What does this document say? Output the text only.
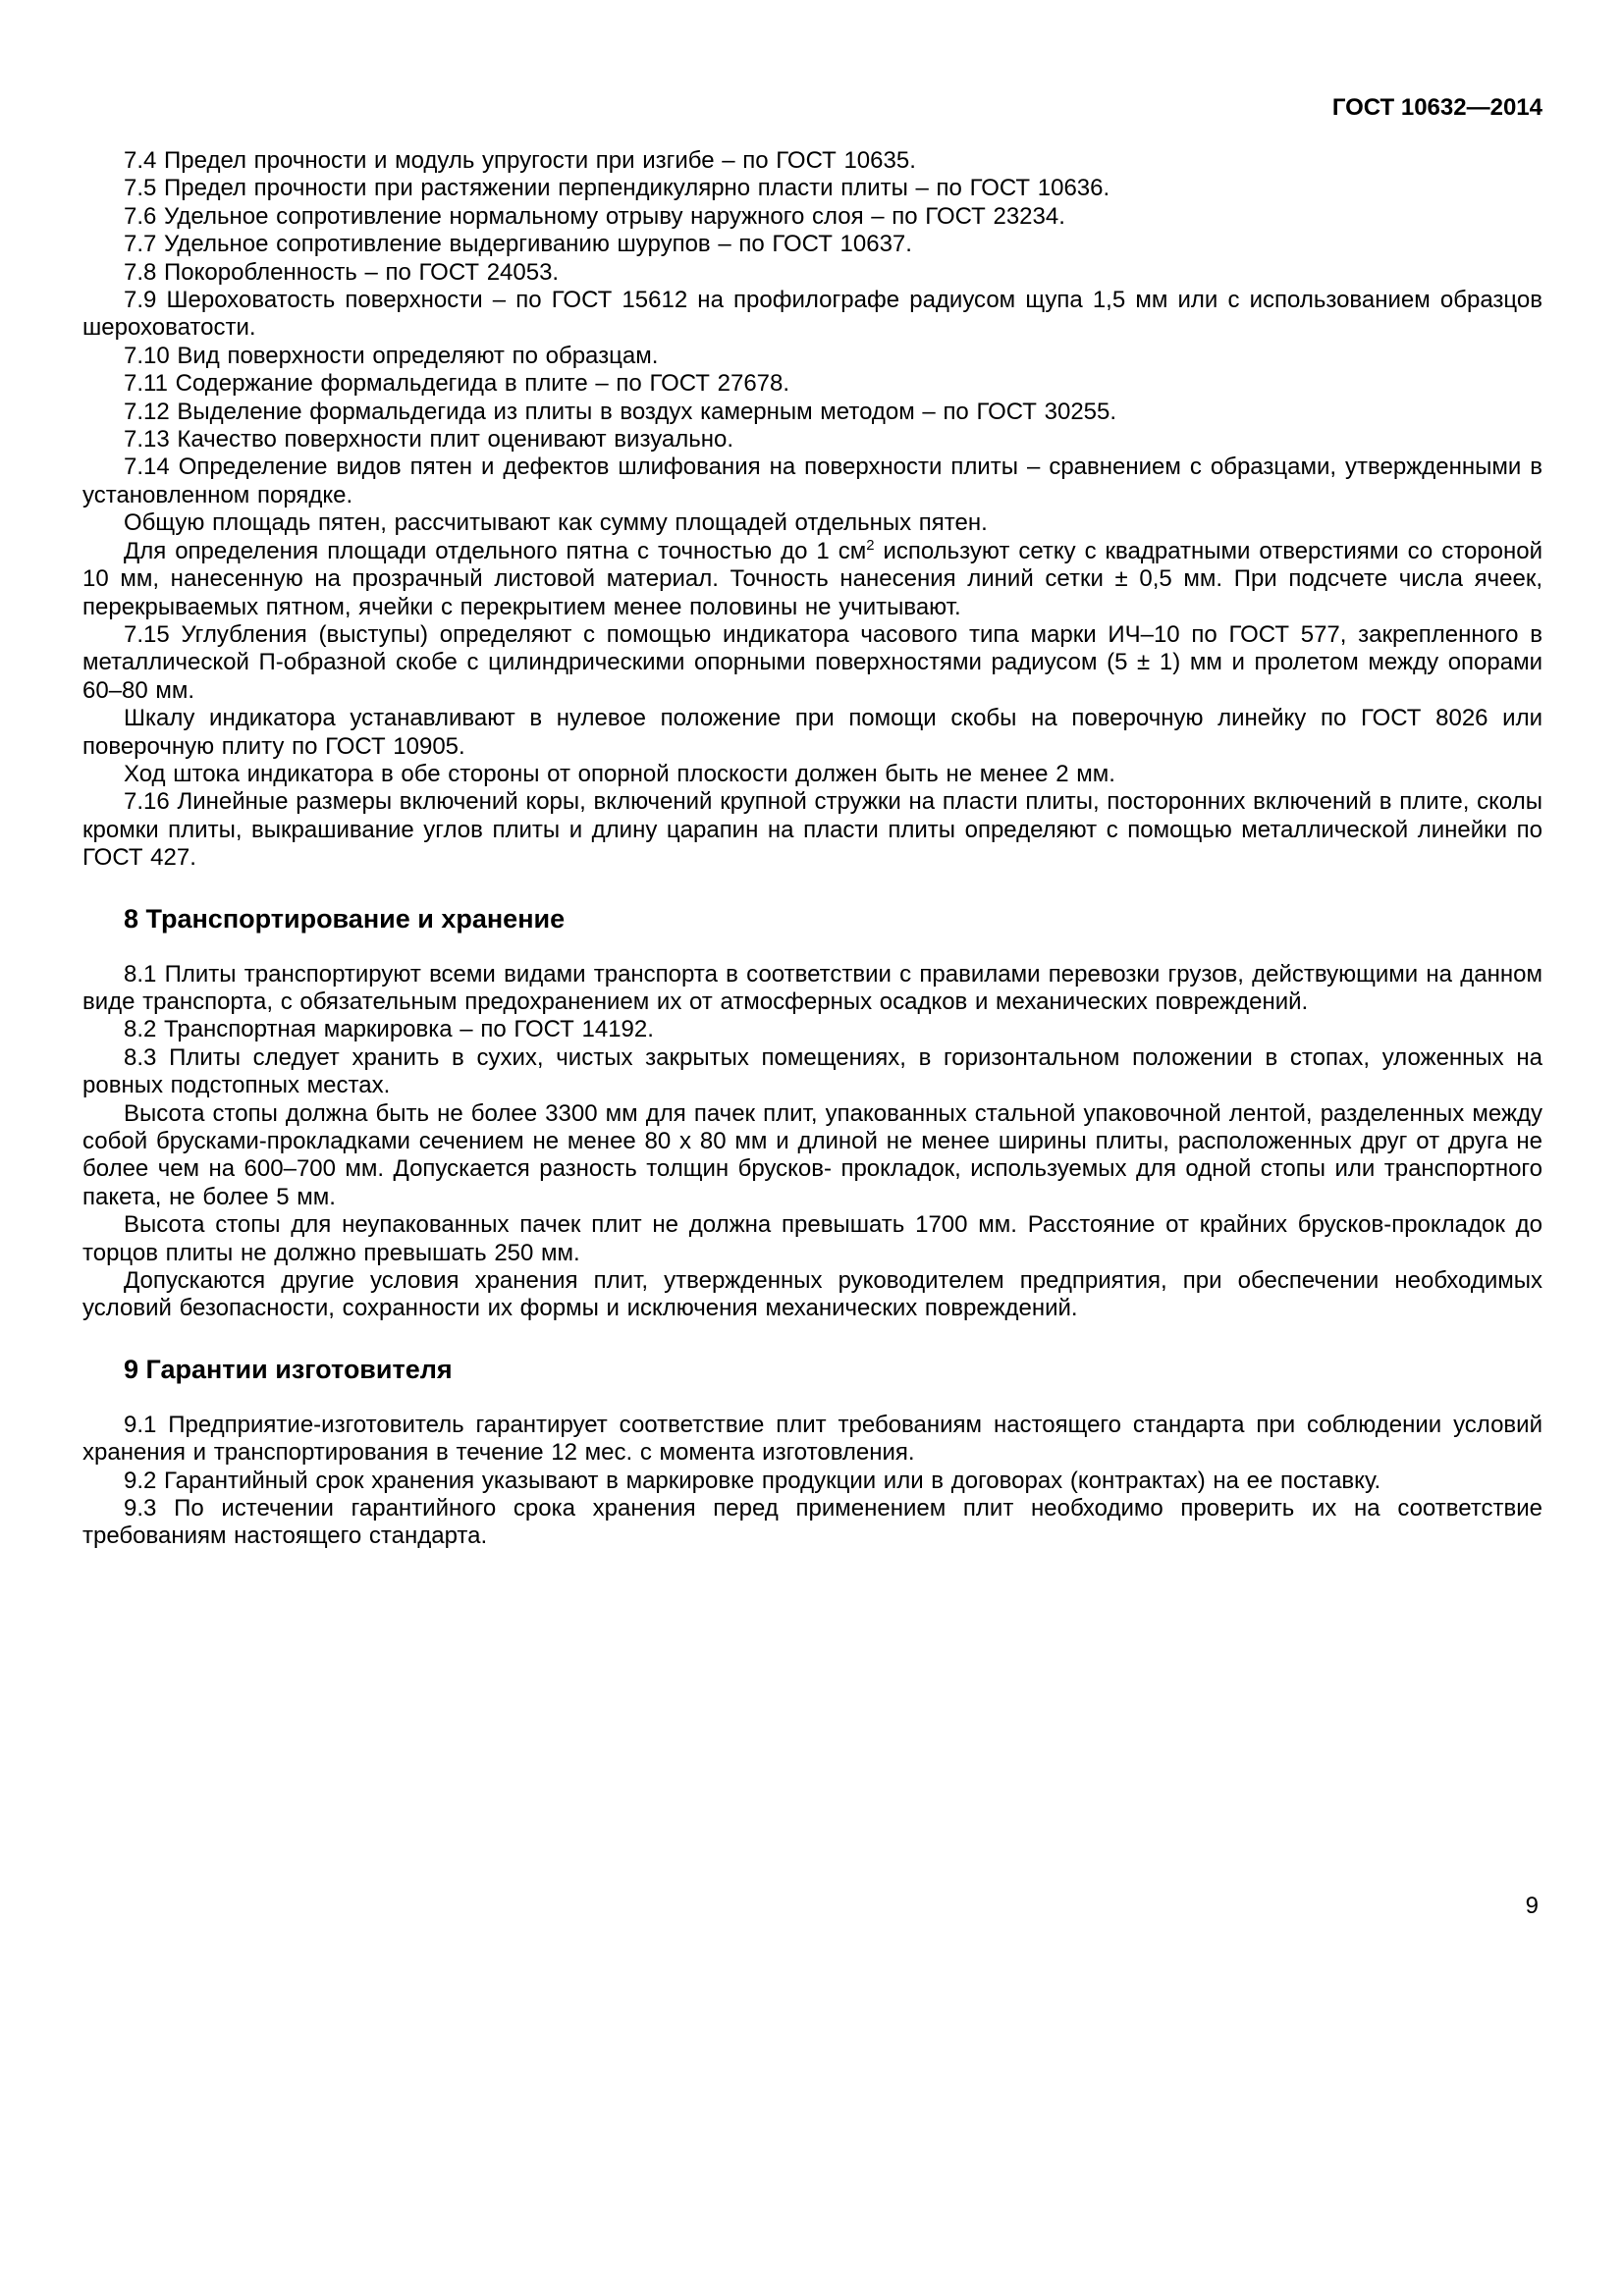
ГОСТ 10632—2014

7.4 Предел прочности и модуль упругости при изгибе – по ГОСТ 10635.

7.5 Предел прочности при растяжении перпендикулярно пласти плиты – по ГОСТ 10636.

7.6 Удельное сопротивление нормальному отрыву наружного слоя – по ГОСТ 23234.

7.7 Удельное сопротивление выдергиванию шурупов – по ГОСТ 10637.

7.8 Покоробленность – по ГОСТ 24053.

7.9 Шероховатость поверхности – по ГОСТ 15612 на профилографе радиусом щупа 1,5 мм или с использованием образцов шероховатости.

7.10 Вид поверхности определяют по образцам.

7.11 Содержание формальдегида в плите – по ГОСТ 27678.

7.12 Выделение формальдегида из плиты в воздух камерным методом – по ГОСТ 30255.

7.13 Качество поверхности плит оценивают визуально.

7.14 Определение видов пятен и дефектов шлифования на поверхности плиты – сравнением с образцами, утвержденными в установленном порядке.

Общую площадь пятен, рассчитывают как сумму площадей отдельных пятен.

Для определения площади отдельного пятна с точностью до 1 $см^2$ используют сетку с квадратными отверстиями со стороной 10 мм, нанесенную на прозрачный листовой материал. Точность нанесения линий сетки ± 0,5 мм. При подсчете числа ячеек, перекрываемых пятном, ячейки с перекрытием менее половины не учитывают.

7.15 Углубления (выступы) определяют с помощью индикатора часового типа марки ИЧ–10 по ГОСТ 577, закрепленного в металлической П-образной скобе с цилиндрическими опорными поверхностями радиусом (5 ± 1) мм и пролетом между опорами 60–80 мм.

Шкалу индикатора устанавливают в нулевое положение при помощи скобы на поверочную линейку по ГОСТ 8026 или поверочную плиту по ГОСТ 10905.

Ход штока индикатора в обе стороны от опорной плоскости должен быть не менее 2 мм.

7.16 Линейные размеры включений коры, включений крупной стружки на пласти плиты, посторонних включений в плите, сколы кромки плиты, выкрашивание углов плиты и длину царапин на пласти плиты определяют с помощью металлической линейки по ГОСТ 427.

8 Транспортирование и хранение

8.1 Плиты транспортируют всеми видами транспорта в соответствии с правилами перевозки грузов, действующими на данном виде транспорта, с обязательным предохранением их от атмосферных осадков и механических повреждений.

8.2 Транспортная маркировка – по ГОСТ 14192.

8.3 Плиты следует хранить в сухих, чистых закрытых помещениях, в горизонтальном положении в стопах, уложенных на ровных подстопных местах.

Высота стопы должна быть не более 3300 мм для пачек плит, упакованных стальной упаковочной лентой, разделенных между собой брусками-прокладками сечением не менее 80 x 80 мм и длиной не менее ширины плиты, расположенных друг от друга не более чем на 600–700 мм. Допускается разность толщин брусков- прокладок, используемых для одной стопы или транспортного пакета, не более 5 мм.

Высота стопы для неупакованных пачек плит не должна превышать 1700 мм. Расстояние от крайних брусков-прокладок до торцов плиты не должно превышать 250 мм.

Допускаются другие условия хранения плит, утвержденных руководителем предприятия, при обеспечении необходимых условий безопасности, сохранности их формы и исключения механических повреждений.

9 Гарантии изготовителя

9.1 Предприятие-изготовитель гарантирует соответствие плит требованиям настоящего стандарта при соблюдении условий хранения и транспортирования в течение 12 мес. с момента изготовления.

9.2 Гарантийный срок хранения указывают в маркировке продукции или в договорах (контрактах) на ее поставку.

9.3 По истечении гарантийного срока хранения перед применением плит необходимо проверить их на соответствие требованиям настоящего стандарта.

9
